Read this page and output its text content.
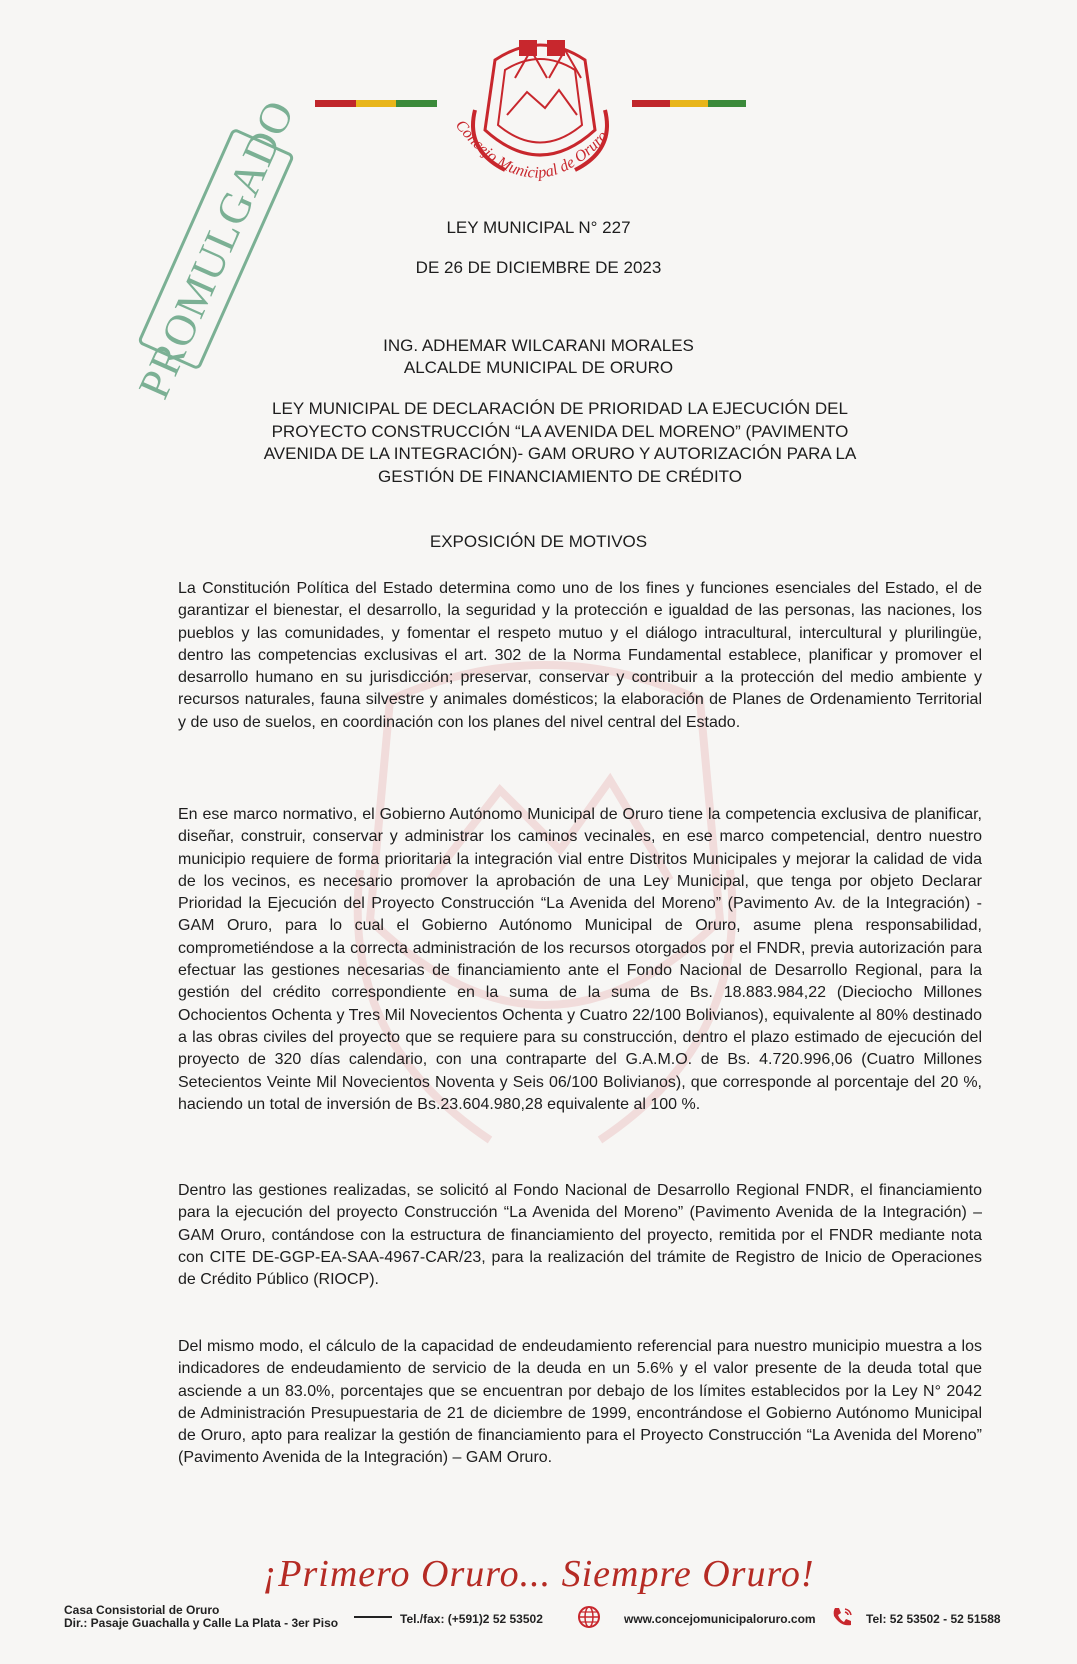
Concejo Municipal de Oruro
PROMULGADO	LEY MUNICIPAL N° 227
DE 26 DE DICIEMBRE DE 2023
ING. ADHEMAR WILCARANI MORALES
ALCALDE MUNICIPAL DE ORURO
LEY MUNICIPAL DE DECLARACIÓN DE PRIORIDAD LA EJECUCIÓN DEL PROYECTO CONSTRUCCIÓN “LA AVENIDA DEL MORENO” (PAVIMENTO AVENIDA DE LA INTEGRACIÓN)- GAM ORURO Y AUTORIZACIÓN PARA LA GESTIÓN DE FINANCIAMIENTO DE CRÉDITO
EXPOSICIÓN DE MOTIVOS

La Constitución Política del Estado determina como uno de los fines y funciones esenciales del Estado, el de garantizar el bienestar, el desarrollo, la seguridad y la protección e igualdad de las personas, las naciones, los pueblos y las comunidades, y fomentar el respeto mutuo y el diálogo intracultural, intercultural y plurilingüe, dentro las competencias exclusivas el art. 302 de la Norma Fundamental establece, planificar y promover el desarrollo humano en su jurisdicción; preservar, conservar y contribuir a la protección del medio ambiente y recursos naturales, fauna silvestre y animales domésticos; la elaboración de Planes de Ordenamiento Territorial y de uso de suelos, en coordinación con los planes del nivel central del Estado.

En ese marco normativo, el Gobierno Autónomo Municipal de Oruro tiene la competencia exclusiva de planificar, diseñar, construir, conservar y administrar los caminos vecinales, en ese marco competencial, dentro nuestro municipio requiere de forma prioritaria la integración vial entre Distritos Municipales y mejorar la calidad de vida de los vecinos, es necesario promover la aprobación de una Ley Municipal, que tenga por objeto Declarar Prioridad la Ejecución del Proyecto Construcción “La Avenida del Moreno” (Pavimento Av. de la Integración) - GAM Oruro, para lo cual el Gobierno Autónomo Municipal de Oruro, asume plena responsabilidad, comprometiéndose a la correcta administración de los recursos otorgados por el FNDR, previa autorización para efectuar las gestiones necesarias de financiamiento ante el Fondo Nacional de Desarrollo Regional, para la gestión del crédito correspondiente en la suma de la suma de Bs. 18.883.984,22 (Dieciocho Millones Ochocientos Ochenta y Tres Mil Novecientos Ochenta y Cuatro 22/100 Bolivianos), equivalente al 80% destinado a las obras civiles del proyecto que se requiere para su construcción, dentro el plazo estimado de ejecución del proyecto de 320 días calendario, con una contraparte del G.A.M.O. de Bs. 4.720.996,06 (Cuatro Millones Setecientos Veinte Mil Novecientos Noventa y Seis 06/100 Bolivianos), que corresponde al porcentaje del 20 %, haciendo un total de inversión de Bs.23.604.980,28 equivalente al 100 %.

Dentro las gestiones realizadas, se solicitó al Fondo Nacional de Desarrollo Regional FNDR, el financiamiento para la ejecución del proyecto Construcción “La Avenida del Moreno” (Pavimento Avenida de la Integración) – GAM Oruro, contándose con la estructura de financiamiento del proyecto, remitida por el FNDR mediante nota con CITE DE-GGP-EA-SAA-4967-CAR/23, para la realización del trámite de Registro de Inicio de Operaciones de Crédito Público (RIOCP).

Del mismo modo, el cálculo de la capacidad de endeudamiento referencial para nuestro municipio muestra a los indicadores de endeudamiento de servicio de la deuda en un 5.6% y el valor presente de la deuda total que asciende a un 83.0%, porcentajes que se encuentran por debajo de los límites establecidos por la Ley N° 2042 de Administración Presupuestaria de 21 de diciembre de 1999, encontrándose el Gobierno Autónomo Municipal de Oruro, apto para realizar la gestión de financiamiento para el Proyecto Construcción “La Avenida del Moreno” (Pavimento Avenida de la Integración) – GAM Oruro.

¡Primero Oruro... Siempre Oruro!
Casa Consistorial de Oruro
Dir.: Pasaje Guachalla y Calle La Plata - 3er Piso	Tel./fax: (+591)2 52 53502	www.concejomunicipaloruro.com	Tel: 52 53502 - 52 51588
